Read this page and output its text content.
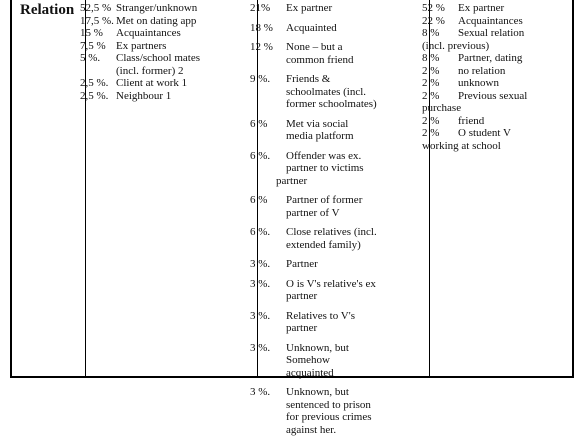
Relation 52,5 % Stranger/unknown
17,5 %. Met on dating app
15 % Acquaintances
7,5 % Ex partners
5 %. Class/school mates
(incl. former) 2
2,5 %. Client at work 1
2,5 %. Neighbour 1
21% Ex partner
18 % Acquainted
12 % None – but a
common friend
9 %. Friends &
schoolmates (incl.
former schoolmates)
6 % Met via social
media platform
6 %. Offender was ex.
partner to victims
partner
6 % Partner of former
partner of V
6 %. Close relatives (incl.
extended family)
3 %. Partner
3 %. O is V's relative's ex
partner
3 %. Relatives to V's
partner
3 %. Unknown, but
Somehow
acquainted
3 %. Unknown, but
sentenced to prison
for previous crimes
against her.
52 % Ex partner
22 % Acquaintances
8 % Sexual relation
(incl. previous)
8 % Partner, dating
2 % no relation
2 % unknown
2 % Previous sexual
purchase
2 % friend
2 % O student V
working at school
